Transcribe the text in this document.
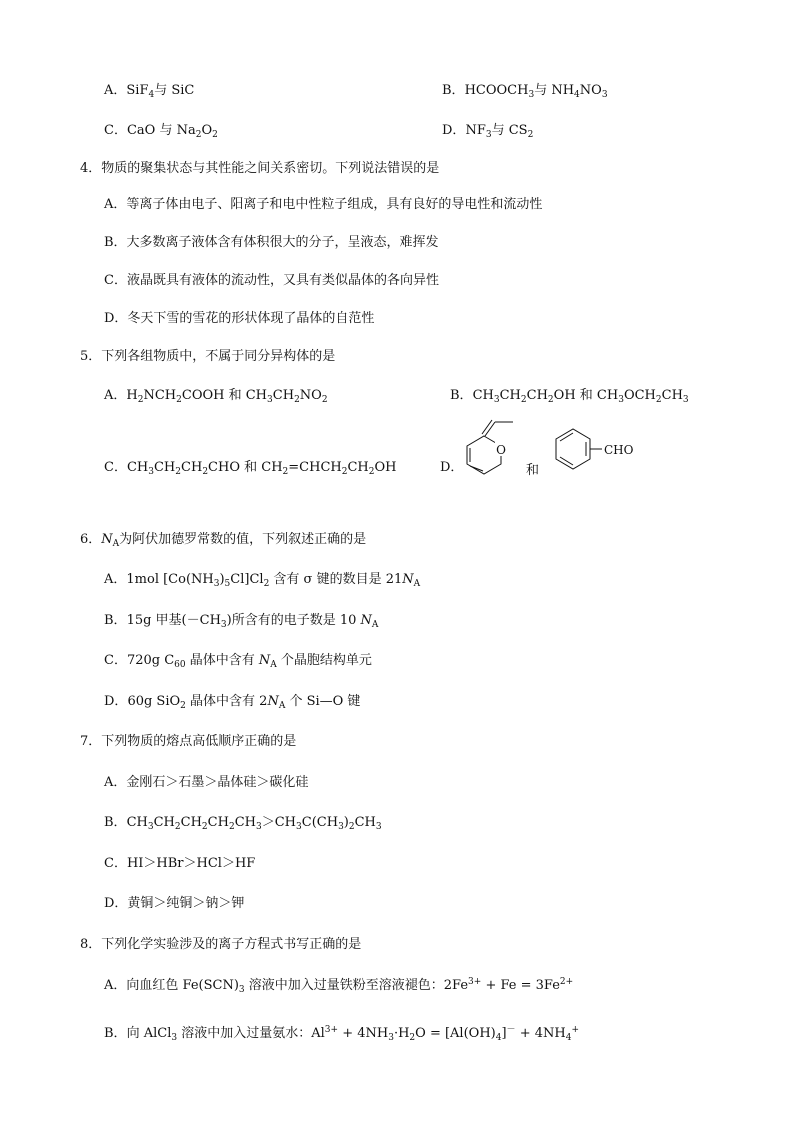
A．SiF$_4$与 SiC	B．$HCOOCH_3$与 $NH_4NO_3$
C．CaO 与 $Na_2O_2$	D．$NF_3$与 $CS_2$
4．物质的聚集状态与其性能之间关系密切。下列说法错误的是
A．等离子体由电子、阳离子和电中性粒子组成，具有良好的导电性和流动性
B．大多数离子液体含有体积很大的分子，呈液态，难挥发
C．液晶既具有液体的流动性，又具有类似晶体的各向异性
D．冬天下雪的雪花的形状体现了晶体的自范性
5．下列各组物质中，不属于同分异构体的是
A．$H_2NCH_2COOH$ 和 $CH_3CH_2NO_2$	B．$CH_3CH_2CH_2OH$ 和 $CH_3OCH_2CH_3$
C．$CH_3CH_2CH_2CHO$ 和 $CH_2=CHCH_2CH_2OH$	D．
O
和
CHO
6．$N_A$为阿伏加德罗常数的值，下列叙述正确的是
A．1mol $[Co(NH_3)_5Cl]Cl_2$ 含有 σ 键的数目是 $21N_A$
B．15g 甲基$(-CH_3)$所含有的电子数是 10 $N_A$
C．720g $C_{60}$ 晶体中含有 $N_A$ 个晶胞结构单元
D．60g SiO$_2$ 晶体中含有 $2N_A$ 个 Si—O 键
7．下列物质的熔点高低顺序正确的是
A．金刚石＞石墨＞晶体硅＞碳化硅
B．$CH_3CH_2CH_2CH_2CH_3>CH_3C(CH_3)_2CH_3$
C．HI＞HBr＞HCl＞HF
D．黄铜＞纯铜＞钠＞钾
8．下列化学实验涉及的离子方程式书写正确的是
A．向血红色 $Fe(SCN)_3$ 溶液中加入过量铁粉至溶液褪色：$2Fe^{3+} + Fe = 3Fe^{2+}$
B．向 AlCl$_3$ 溶液中加入过量氨水：$Al^{3+} + 4NH_3\cdot H_2O = [Al(OH)_4]^- + 4NH_4^+$
